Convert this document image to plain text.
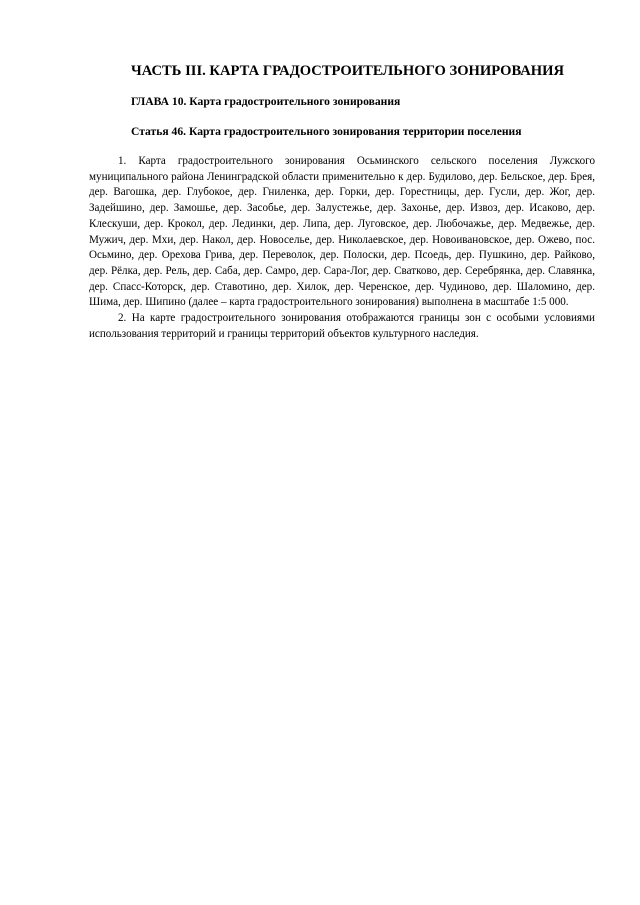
ЧАСТЬ III. КАРТА ГРАДОСТРОИТЕЛЬНОГО ЗОНИРОВАНИЯ
ГЛАВА 10. Карта градостроительного зонирования
Статья 46. Карта градостроительного зонирования территории поселения

1. Карта градостроительного зонирования Осьминского сельского поселения Лужского муниципального района Ленинградской области применительно к дер. Будилово, дер. Бельское, дер. Брея, дер. Вагошка, дер. Глубокое, дер. Гниленка, дер. Горки, дер. Горестницы, дер. Гусли, дер. Жог, дер. Задейшино, дер. Замошье, дер. Засобье, дер. Залустежье, дер. Захонье, дер. Извоз, дер. Исаково, дер. Клескуши, дер. Крокол, дер. Лединки, дер. Липа, дер. Луговское, дер. Любочажье, дер. Медвежье, дер. Мужич, дер. Мхи, дер. Накол, дер. Новоселье, дер. Николаевское, дер. Новоивановское, дер. Ожево, пос. Осьмино, дер. Орехова Грива, дер. Переволок, дер. Полоски, дер. Псоедь, дер. Пушкино, дер. Райково, дер. Рёлка, дер. Рель, дер. Саба, дер. Самро, дер. Сара-Лог, дер. Сватково, дер. Серебрянка, дер. Славянка, дер. Спасс-Которск, дер. Ставотино, дер. Хилок, дер. Черенское, дер. Чудиново, дер. Шаломино, дер. Шима, дер. Шипино (далее – карта градостроительного зонирования) выполнена в масштабе 1:5 000.

2. На карте градостроительного зонирования отображаются границы зон с особыми условиями использования территорий и границы территорий объектов культурного наследия.
